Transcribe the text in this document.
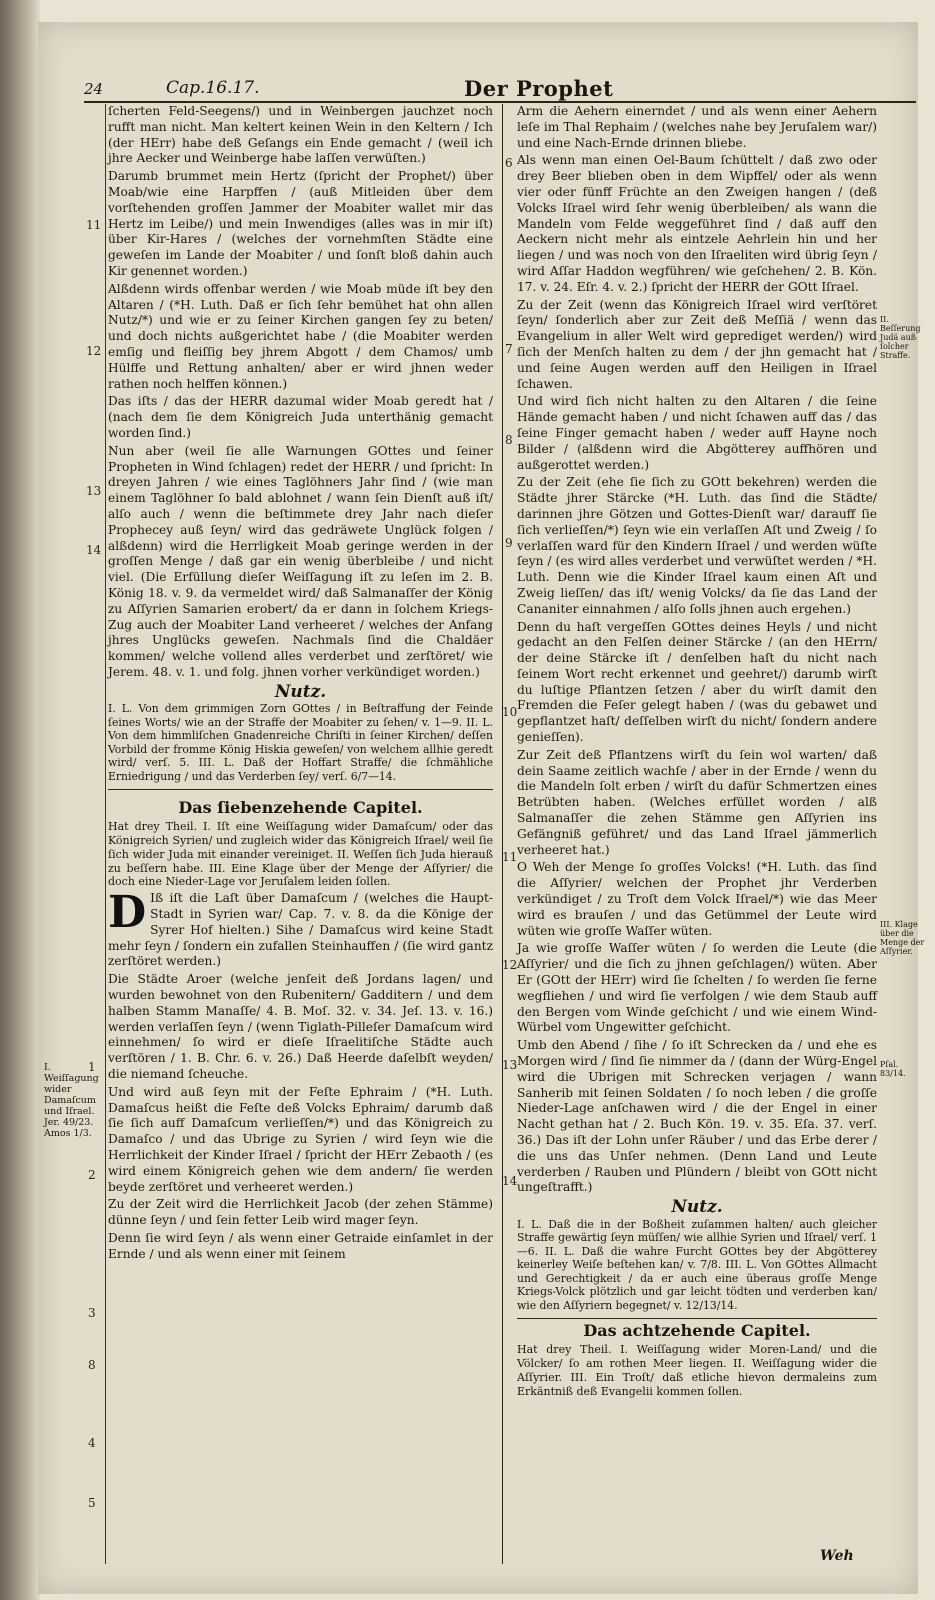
24	Cap.16.17.	Der Prophet
11
12
13
14
1
2
3
8
4
5
6
7
8
9
10
11
12
13
14
I. Weiſſagung wider Damaſcum und Iſrael. Jer. 49/23. Amos 1/3.
II. Beſſerung Judä auß ſolcher Straffe.
III. Klage über die Menge der Aſſyrier.
Pſal. 83/14.

ſcherten Feld-Seegens/) und in Weinbergen jauchzet noch rufft man nicht. Man keltert keinen Wein in den Keltern / Ich (der HErr) habe deß Geſangs ein Ende gemacht / (weil ich jhre Aecker und Weinberge habe laſſen verwüſten.)

Darumb brummet mein Hertz (ſpricht der Prophet/) über Moab/wie eine Harpffen / (auß Mitleiden über dem vorſtehenden groſſen Jammer der Moabiter wallet mir das Hertz im Leibe/) und mein Inwendiges (alles was in mir iſt) über Kir-Hares / (welches der vornehmſten Städte eine geweſen im Lande der Moabiter / und ſonſt bloß dahin auch Kir genennet worden.)

Alßdenn wirds offenbar werden / wie Moab müde iſt bey den Altaren / (*H. Luth. Daß er ſich ſehr bemühet hat ohn allen Nutz/*) und wie er zu ſeiner Kirchen gangen ſey zu beten/ und doch nichts außgerichtet habe / (die Moabiter werden emſig und fleiſſig bey jhrem Abgott / dem Chamos/ umb Hülffe und Rettung anhalten/ aber er wird jhnen weder rathen noch helffen können.)

Das iſts / das der HERR dazumal wider Moab geredt hat / (nach dem ſie dem Königreich Juda unterthänig gemacht worden ſind.)

Nun aber (weil ſie alle Warnungen GOttes und ſeiner Propheten in Wind ſchlagen) redet der HERR / und ſpricht: In dreyen Jahren / wie eines Taglöhners Jahr ſind / (wie man einem Taglöhner ſo bald ablohnet / wann ſein Dienſt auß iſt/ alſo auch / wenn die beſtimmete drey Jahr nach dieſer Prophecey auß ſeyn/ wird das gedräwete Unglück folgen / alßdenn) wird die Herrligkeit Moab geringe werden in der groſſen Menge / daß gar ein wenig überbleibe / und nicht viel. (Die Erfüllung dieſer Weiſſagung iſt zu leſen im 2. B. König 18. v. 9. da vermeldet wird/ daß Salmanaſſer der König zu Aſſyrien Samarien erobert/ da er dann in ſolchem Kriegs-Zug auch der Moabiter Land verheeret / welches der Anfang jhres Unglücks geweſen. Nachmals ſind die Chaldäer kommen/ welche vollend alles verderbet und zerſtöret/ wie Jerem. 48. v. 1. und folg. jhnen vorher verkündiget worden.)

Nutz.

I. L. Von dem grimmigen Zorn GOttes / in Beſtraffung der Feinde ſeines Worts/ wie an der Straffe der Moabiter zu ſehen/ v. 1—9. II. L. Von dem himmliſchen Gnadenreiche Chriſti in ſeiner Kirchen/ deſſen Vorbild der fromme König Hiskia geweſen/ von welchem allhie geredt wird/ verſ. 5. III. L. Daß der Hoffart Straffe/ die ſchmähliche Erniedrigung / und das Verderben ſey/ verſ. 6/7—14.

Das ſiebenzehende Capitel.

Hat drey Theil. I. Iſt eine Weiſſagung wider Damaſcum/ oder das Königreich Syrien/ und zugleich wider das Königreich Iſrael/ weil ſie ſich wider Juda mit einander vereiniget. II. Weſſen ſich Juda hierauß zu beſſern habe. III. Eine Klage über der Menge der Aſſyrier/ die doch eine Nieder-Lage vor Jeruſalem leiden ſollen.

D Iß iſt die Laſt über Damaſcum / (welches die Haupt-Stadt in Syrien war/ Cap. 7. v. 8. da die Könige der Syrer Hof hielten.) Sihe / Damaſcus wird keine Stadt mehr ſeyn / ſondern ein zufallen Steinhauffen / (ſie wird gantz zerſtöret werden.)

Die Städte Aroer (welche jenſeit deß Jordans lagen/ und wurden bewohnet von den Rubenitern/ Gadditern / und dem halben Stamm Manaſſe/ 4. B. Moſ. 32. v. 34. Jeſ. 13. v. 16.) werden verlaſſen ſeyn / (wenn Tiglath-Pilleſer Damaſcum wird einnehmen/ ſo wird er dieſe Iſraelitiſche Städte auch verſtören / 1. B. Chr. 6. v. 26.) Daß Heerde daſelbſt weyden/ die niemand ſcheuche.

Und wird auß ſeyn mit der Feſte Ephraim / (*H. Luth. Damaſcus heißt die Feſte deß Volcks Ephraim/ darumb daß ſie ſich auff Damaſcum verlieſſen/*) und das Königreich zu Damaſco / und das Ubrige zu Syrien / wird ſeyn wie die Herrlichkeit der Kinder Iſrael / ſpricht der HErr Zebaoth / (es wird einem Königreich gehen wie dem andern/ ſie werden beyde zerſtöret und verheeret werden.)

Zu der Zeit wird die Herrlichkeit Jacob (der zehen Stämme) dünne ſeyn / und ſein fetter Leib wird mager ſeyn.

Denn ſie wird ſeyn / als wenn einer Getraide einſamlet in der Ernde / und als wenn einer mit ſeinem

Arm die Aehern einerndet / und als wenn einer Aehern leſe im Thal Rephaim / (welches nahe bey Jeruſalem war/) und eine Nach-Ernde drinnen bliebe.

Als wenn man einen Oel-Baum ſchüttelt / daß zwo oder drey Beer blieben oben in dem Wipffel/ oder als wenn vier oder fünff Früchte an den Zweigen hangen / (deß Volcks Iſrael wird ſehr wenig überbleiben/ als wann die Mandeln vom Felde weggeführet ſind / daß auff den Aeckern nicht mehr als eintzele Aehrlein hin und her liegen / und was noch von den Iſraeliten wird übrig ſeyn / wird Aſſar Haddon wegführen/ wie geſchehen/ 2. B. Kön. 17. v. 24. Eſr. 4. v. 2.) ſpricht der HERR der GOtt Iſrael.

Zu der Zeit (wenn das Königreich Iſrael wird verſtöret ſeyn/ ſonderlich aber zur Zeit deß Meſſiä / wenn das Evangelium in aller Welt wird geprediget werden/) wird ſich der Menſch halten zu dem / der jhn gemacht hat / und ſeine Augen werden auff den Heiligen in Iſrael ſchawen.

Und wird ſich nicht halten zu den Altaren / die ſeine Hände gemacht haben / und nicht ſchawen auff das / das ſeine Finger gemacht haben / weder auff Hayne noch Bilder / (alßdenn wird die Abgötterey auffhören und außgerottet werden.)

Zu der Zeit (ehe ſie ſich zu GOtt bekehren) werden die Städte jhrer Stärcke (*H. Luth. das ſind die Städte/ darinnen jhre Götzen und Gottes-Dienſt war/ darauff ſie ſich verlieſſen/*) ſeyn wie ein verlaſſen Aſt und Zweig / ſo verlaſſen ward für den Kindern Iſrael / und werden wüſte ſeyn / (es wird alles verderbet und verwüſtet werden / *H. Luth. Denn wie die Kinder Iſrael kaum einen Aſt und Zweig lieſſen/ das iſt/ wenig Volcks/ da ſie das Land der Cananiter einnahmen / alſo ſolls jhnen auch ergehen.)

Denn du haſt vergeſſen GOttes deines Heyls / und nicht gedacht an den Felſen deiner Stärcke / (an den HErrn/ der deine Stärcke iſt / denſelben haſt du nicht nach ſeinem Wort recht erkennet und geehret/) darumb wirſt du luſtige Pflantzen ſetzen / aber du wirſt damit den Fremden die Feſer gelegt haben / (was du gebawet und gepflantzet haſt/ deſſelben wirſt du nicht/ ſondern andere genieſſen).

Zur Zeit deß Pflantzens wirſt du ſein wol warten/ daß dein Saame zeitlich wachſe / aber in der Ernde / wenn du die Mandeln ſolt erben / wirſt du dafür Schmertzen eines Betrübten haben. (Welches erfüllet worden / alß Salmanaſſer die zehen Stämme gen Aſſyrien ins Gefängniß geführet/ und das Land Iſrael jämmerlich verheeret hat.)

O Weh der Menge ſo groſſes Volcks! (*H. Luth. das ſind die Aſſyrier/ welchen der Prophet jhr Verderben verkündiget / zu Troſt dem Volck Iſrael/*) wie das Meer wird es brauſen / und das Getümmel der Leute wird wüten wie groſſe Waſſer wüten.

Ja wie groſſe Waſſer wüten / ſo werden die Leute (die Aſſyrier/ und die ſich zu jhnen geſchlagen/) wüten. Aber Er (GOtt der HErr) wird ſie ſchelten / ſo werden ſie ferne wegfliehen / und wird ſie verfolgen / wie dem Staub auff den Bergen vom Winde geſchicht / und wie einem Wind-Würbel vom Ungewitter geſchicht.

Umb den Abend / ſihe / ſo iſt Schrecken da / und ehe es Morgen wird / ſind ſie nimmer da / (dann der Würg-Engel wird die Ubrigen mit Schrecken verjagen / wann Sanherib mit ſeinen Soldaten / ſo noch leben / die groſſe Nieder-Lage anſchawen wird / die der Engel in einer Nacht gethan hat / 2. Buch Kön. 19. v. 35. Eſa. 37. verſ. 36.) Das iſt der Lohn unſer Räuber / und das Erbe derer / die uns das Unſer nehmen. (Denn Land und Leute verderben / Rauben und Plündern / bleibt von GOtt nicht ungeſtrafft.)

Nutz.

I. L. Daß die in der Boßheit zuſammen halten/ auch gleicher Straffe gewärtig ſeyn müſſen/ wie allhie Syrien und Iſrael/ verſ. 1—6. II. L. Daß die wahre Furcht GOttes bey der Abgötterey keinerley Weiſe beſtehen kan/ v. 7/8. III. L. Von GOttes Allmacht und Gerechtigkeit / da er auch eine überaus groſſe Menge Kriegs-Volck plötzlich und gar leicht tödten und verderben kan/ wie den Aſſyriern begegnet/ v. 12/13/14.

Das achtzehende Capitel.

Hat drey Theil. I. Weiſſagung wider Moren-Land/ und die Völcker/ ſo am rothen Meer liegen. II. Weiſſagung wider die Aſſyrier. III. Ein Troſt/ daß etliche hievon dermaleins zum Erkäntniß deß Evangelii kommen ſollen.

Weh
